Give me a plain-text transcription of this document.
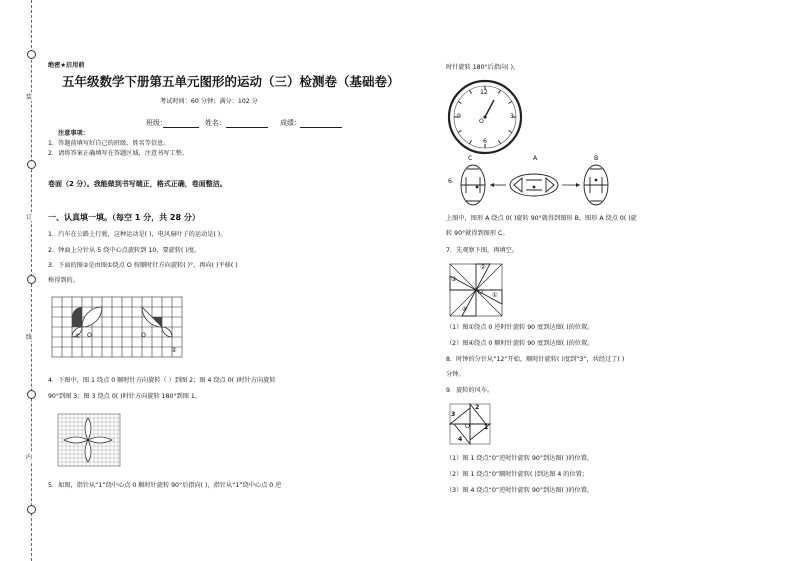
装
订
线
内
绝密★启用前
五年级数学下册第五单元图形的运动（三）检测卷（基础卷）
考试时间：60 分钟；满分：102 分
班级：	姓名：	成绩：
注意事项：
1．答题前填写好自己的班级、姓名等信息。
2．请将答案正确填写在答题区域，注意书写工整。
卷面（2 分）。我能做到书写端正，格式正确，卷面整洁。
一、认真填一填。（每空 1 分，共 28 分）
1．汽车在公路上行驶，这种运动是( )，电风扇叶子的运动是( )。
2．钟面上分针从 5 绕中心点旋转到 10，要旋转( )度。
3．下面的图②是由图①绕点 O 按顺时针方向旋转( )°，再向( )平移( )
格得到的。
① O	O
②
4．下图中，图 1 绕点 0 顺时针方向旋转（ ）到图 2；图 4 绕点 0( )时针方向旋转
90°到图 3；图 3 绕点 0( )时针方向旋转 180°到图 1。
5．如图，指针从“1”绕中心点 0 顺时针旋转 90°后指向( )，指针从“1”绕中心点 0 逆
时针旋转 180°后指向( )。
12
3
6
9
O
6.
C	A	B
上图中，图形 A 绕点 0( )旋转 90°就得到图形 B，图形 A 绕点 0( )旋
转 90°就得到图形 C。
7．先观察下图，再填空。
②
③
①
④
O
（1）图①绕点 0 逆时针旋转 90 度到达图( )的位置。
（2）图④绕点 0 顺时针旋转 90 度到达图( )的位置。
8．时钟的分针从“12”开始，顺时针旋转( )度到“3”，共经过了( )
分钟。
9．旋转的风车。
2
3
1
4
O
（1）图 1 绕点“0”逆时针旋转 90°到达图( )的位置。
（2）图 1 绕点“0”顺时针旋转( )到达图 4 的位置；
（3）图 4 绕点“0”逆时针旋转 90°到达图( )的位置。
